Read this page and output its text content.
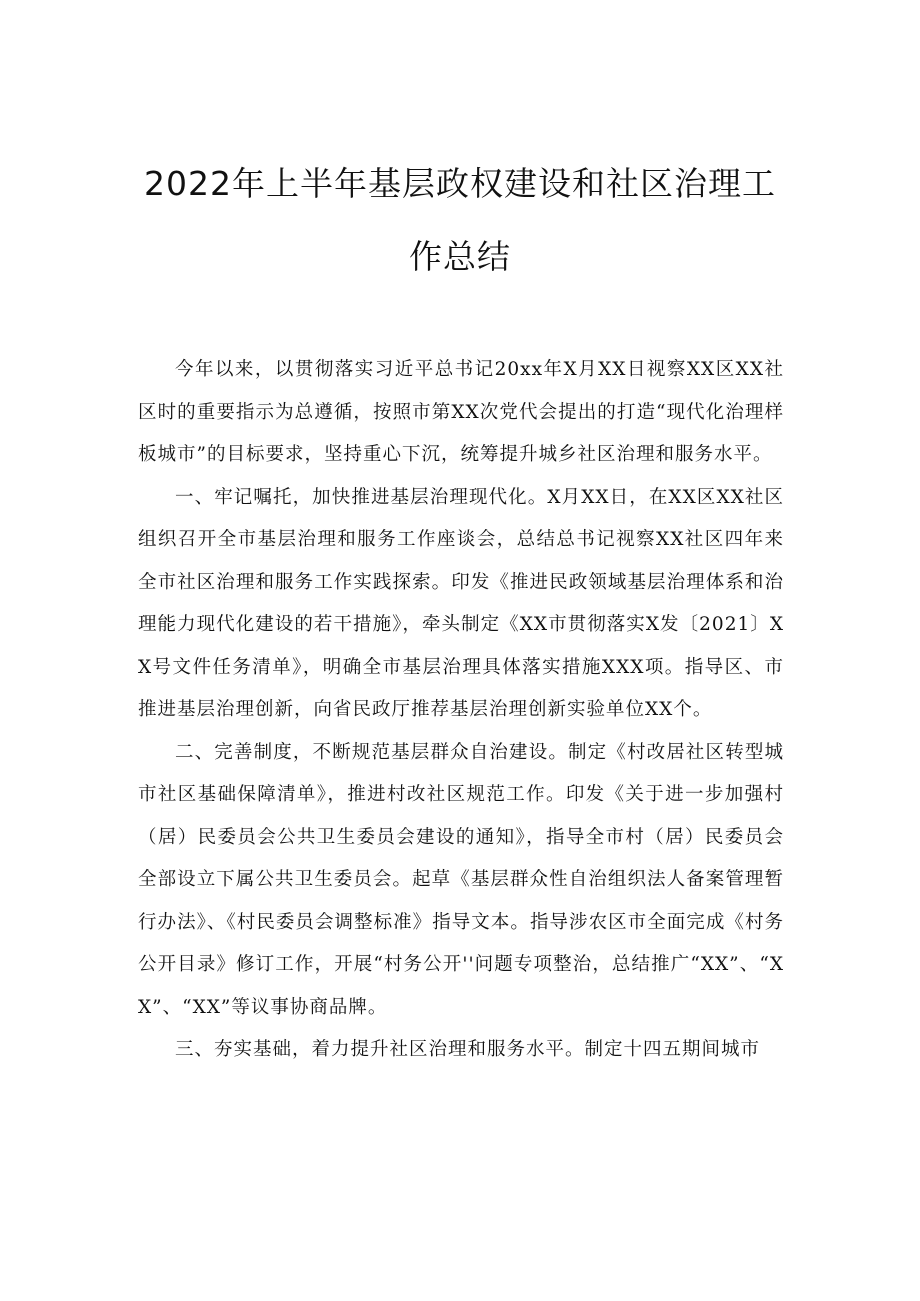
2022年上半年基层政权建设和社区治理工
作总结

今年以来，以贯彻落实习近平总书记20xx年X月XX日视察XX区XX社区时的重要指示为总遵循，按照市第XX次党代会提出的打造“现代化治理样板城市”的目标要求，坚持重心下沉，统筹提升城乡社区治理和服务水平。

一、牢记嘱托，加快推进基层治理现代化。X月XX日，在XX区XX社区组织召开全市基层治理和服务工作座谈会，总结总书记视察XX社区四年来全市社区治理和服务工作实践探索。印发《推进民政领域基层治理体系和治理能力现代化建设的若干措施》，牵头制定《XX市贯彻落实X发〔2021〕XX号文件任务清单》，明确全市基层治理具体落实措施XXX项。指导区、市推进基层治理创新，向省民政厅推荐基层治理创新实验单位XX个。

二、完善制度，不断规范基层群众自治建设。制定《村改居社区转型城市社区基础保障清单》，推进村改社区规范工作。印发《关于进一步加强村（居）民委员会公共卫生委员会建设的通知》，指导全市村（居）民委员会全部设立下属公共卫生委员会。起草《基层群众性自治组织法人备案管理暂行办法》、《村民委员会调整标准》指导文本。指导涉农区市全面完成《村务公开目录》修订工作，开展“村务公开''问题专项整治，总结推广“XX”、“XX”、“XX”等议事协商品牌。

三、夯实基础，着力提升社区治理和服务水平。制定十四五期间城市
